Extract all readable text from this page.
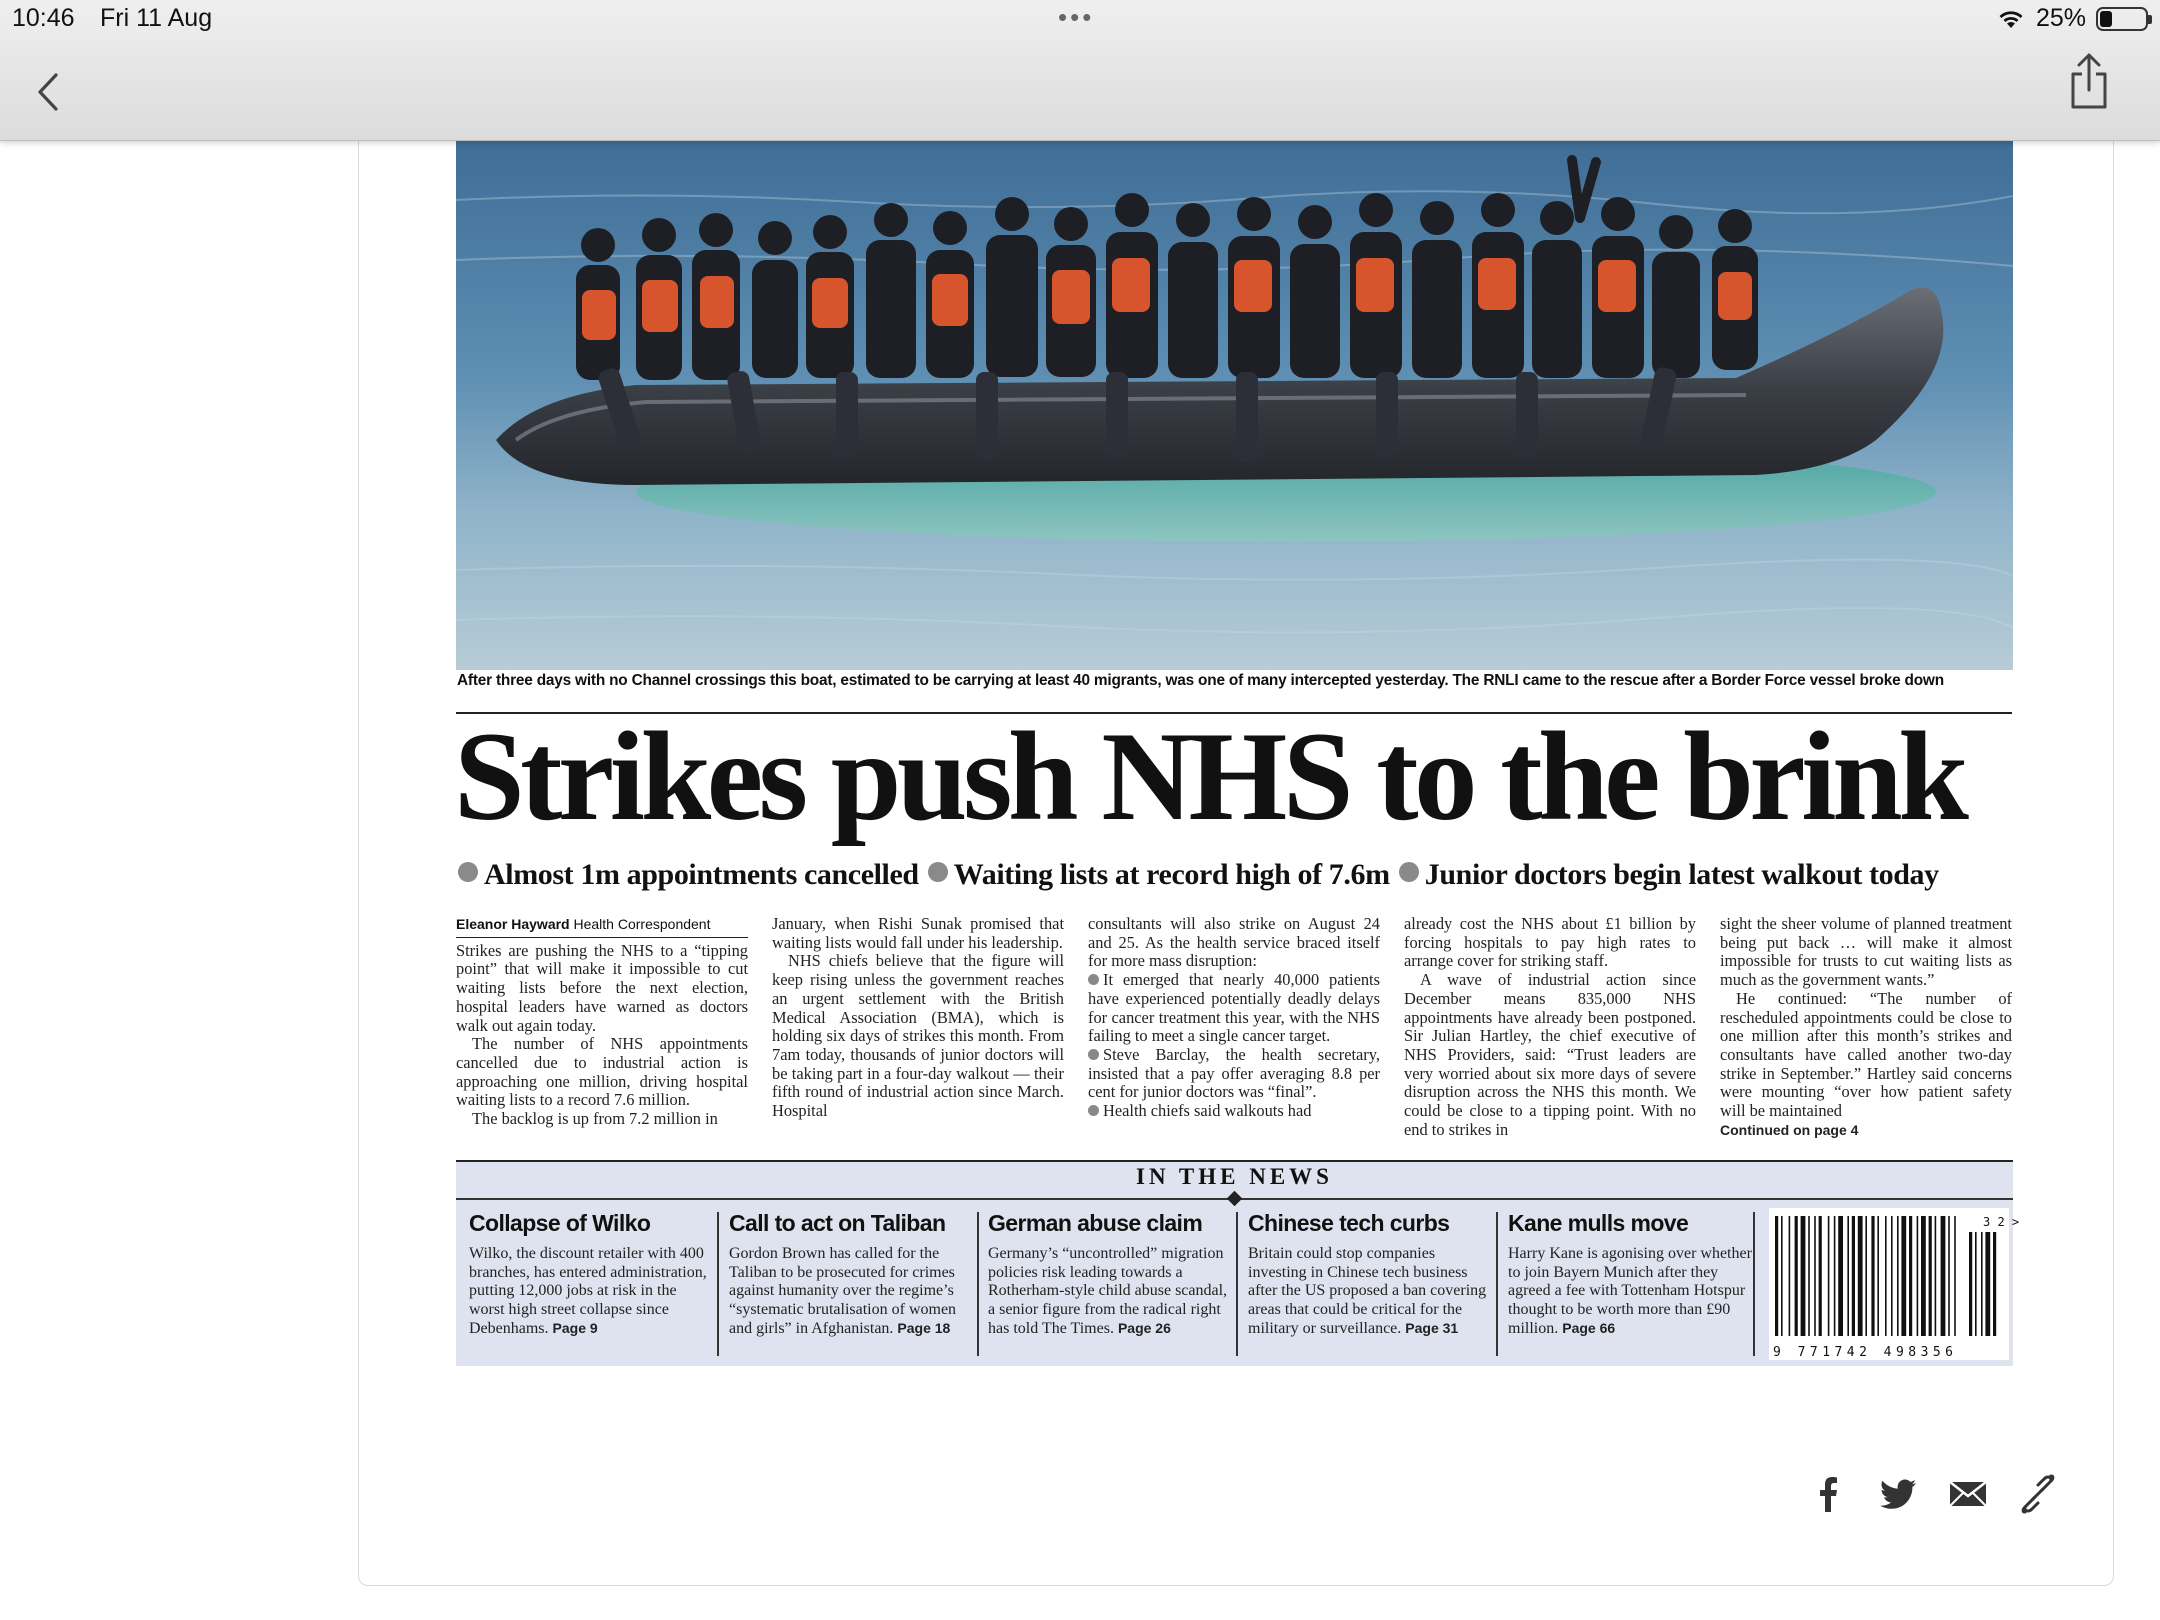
10:46 Fri 11 Aug	•••	25%
After three days with no Channel crossings this boat, estimated to be carrying at least 40 migrants, was one of many intercepted yesterday. The RNLI came to the rescue after a Border Force vessel broke down
Strikes push NHS to the brink
Almost 1m appointments cancelled Waiting lists at record high of 7.6m Junior doctors begin latest walkout today
Eleanor Hayward Health Correspondent

Strikes are pushing the NHS to a “tipping point” that will make it impossible to cut waiting lists before the next election, hospital leaders have warned as doctors walk out again today.

The number of NHS appointments cancelled due to industrial action is approaching one million, driving hospital waiting lists to a record 7.6 million.

The backlog is up from 7.2 million in

January, when Rishi Sunak promised that waiting lists would fall under his leadership.

NHS chiefs believe that the figure will keep rising unless the government reaches an urgent settlement with the British Medical Association (BMA), which is holding six days of strikes this month. From 7am today, thousands of junior doctors will be taking part in a four-day walkout — their fifth round of industrial action since March. Hospital

consultants will also strike on August 24 and 25. As the health service braced itself for more mass disruption:

It emerged that nearly 40,000 patients have experienced potentially deadly delays for cancer treatment this year, with the NHS failing to meet a single cancer target.

Steve Barclay, the health secretary, insisted that a pay offer averaging 8.8 per cent for junior doctors was “final”.

Health chiefs said walkouts had

already cost the NHS about £1 billion by forcing hospitals to pay high rates to arrange cover for striking staff.

A wave of industrial action since December means 835,000 NHS appointments have already been postponed. Sir Julian Hartley, the chief executive of NHS Providers, said: “Trust leaders are very worried about six more days of severe disruption across the NHS this month. We could be close to a tipping point. With no end to strikes in

sight the sheer volume of planned treatment being put back … will make it almost impossible for trusts to cut waiting lists as much as the government wants.”

He continued: “The number of rescheduled appointments could be close to one million after this month’s strikes and consultants have called another two-day strike in September.” Hartley said concerns were mounting “over how patient safety will be maintained

Continued on page 4

IN THE NEWS
Collapse of Wilko

Wilko, the discount retailer with 400 branches, has entered administration, putting 12,000 jobs at risk in the worst high street collapse since Debenhams. Page 9

Call to act on Taliban

Gordon Brown has called for the Taliban to be prosecuted for crimes against humanity over the regime’s “systematic brutalisation of women and girls” in Afghanistan. Page 18

German abuse claim

Germany’s “uncontrolled” migration policies risk leading towards a Rotherham-style child abuse scandal, a senior figure from the radical right has told The Times. Page 26

Chinese tech curbs

Britain could stop companies investing in Chinese tech business after the US proposed a ban covering areas that could be critical for the military or surveillance. Page 31

Kane mulls move

Harry Kane is agonising over whether to join Bayern Munich after they agreed a fee with Tottenham Hotspur thought to be worth more than £90 million. Page 66

3 2 >
9 771742 498356
